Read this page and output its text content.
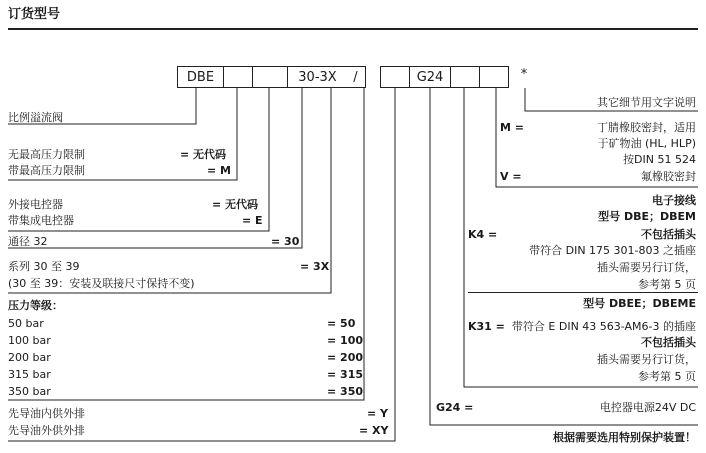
订货型号
DBE	30-3X	/	G24	*
比例溢流阀
无最高压力限制	= 无代码
带最高压力限制	= M
外接电控器	= 无代码
带集成电控器	= E
通径 32	= 30
系列 30 至 39	= 3X
(30 至 39：安装及联接尺寸保持不变)
压力等级：
50 bar	= 50
100 bar	= 100
200 bar	= 200
315 bar	= 315
350 bar	= 350
先导油内供外排	= Y
先导油外供外排	= XY
其它细节用文字说明
M =	丁腈橡胶密封，适用
于矿物油 (HL, HLP)
按DIN 51 524
V =	氟橡胶密封
电子接线
型号 DBE；DBEM
K4 =	不包括插头
带符合 DIN 175 301-803 之插座
插头需要另行订货，
参考第 5 页
型号 DBEE；DBEME
K31 = 带符合 E DIN 43 563-AM6-3 的插座
不包括插头
插头需要另行订货，
参考第 5 页
G24 =	电控器电源24V DC
根据需要选用特别保护装置！
